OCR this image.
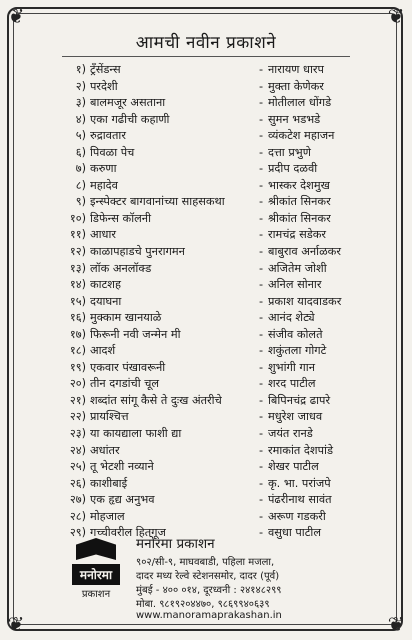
❦	❦
❦	❦
आमची नवीन प्रकाशने
१) ट्रँसेंडन्स	- नारायण धारप
२) परदेशी	- मुक्ता केणेकर
३) बालमजूर असताना	- मोतीलाल धोंगडे
४) एका गढीची कहाणी	- सुमन भडभडे
५) रुद्रावतार	- व्यंकटेश महाजन
६) पिवळा पेच	- दत्ता प्रभुणे
७) करुणा	- प्रदीप दळवी
८) महादेव	- भास्कर देशमुख
९) इन्स्पेक्टर बागवानांच्या साहसकथा	- श्रीकांत सिनकर
१०) डिफेन्स कॉलनी	- श्रीकांत सिनकर
११) आधार	- रामचंद्र सडेकर
१२) काळापहाडचे पुनरागमन	- बाबुराव अर्नाळकर
१३) लॉक अनलॉक्ड	- अजितेम जोशी
१४) काटशह	- अनिल सोनार
१५) दयाघना	- प्रकाश यादवाडकर
१६) मुक्काम खानयाळे	- आनंद शेट्ये
१७) फिरूनी नवी जन्मेन मी	- संजीव कोलते
१८) आदर्श	- शकुंतला गोगटे
१९) एकवार पंखावरूनी	- शुभांगी गान
२०) तीन दगडांची चूल	- शरद पाटील
२१) शब्दांत सांगू कैसे ते दुःख अंतरीचे	- बिपिनचंद्र ढापरे
२२) प्रायश्चित्त	- मधुरेश जाधव
२३) या कायद्याला फाशी द्या	- जयंत रानडे
२४) अधांतर	- रमाकांत देशपांडे
२५) तू भेटशी नव्याने	- शेखर पाटील
२६) काशीबाई	- कृ. भा. परांजपे
२७) एक हृद्य अनुभव	- पंढरीनाथ सावंत
२८) मोहजाल	- अरूण गडकरी
२९) गच्चीवरील हितगूज	- वसुधा पाटील
मनोरमा
प्रकाशन
मनोरमा प्रकाशन
९०२/सी-९, माघवबाडी, पहिला मजला,
दादर मध्य रेल्वे स्टेशनसमोर, दादर (पूर्व)
मुंबई - ४०० ०१४, दूरध्वनी : २४१४८२९९
मोबा. ९८१९२०४४७०, ९८६९९४०६३९
www.manoramaprakashan.in
